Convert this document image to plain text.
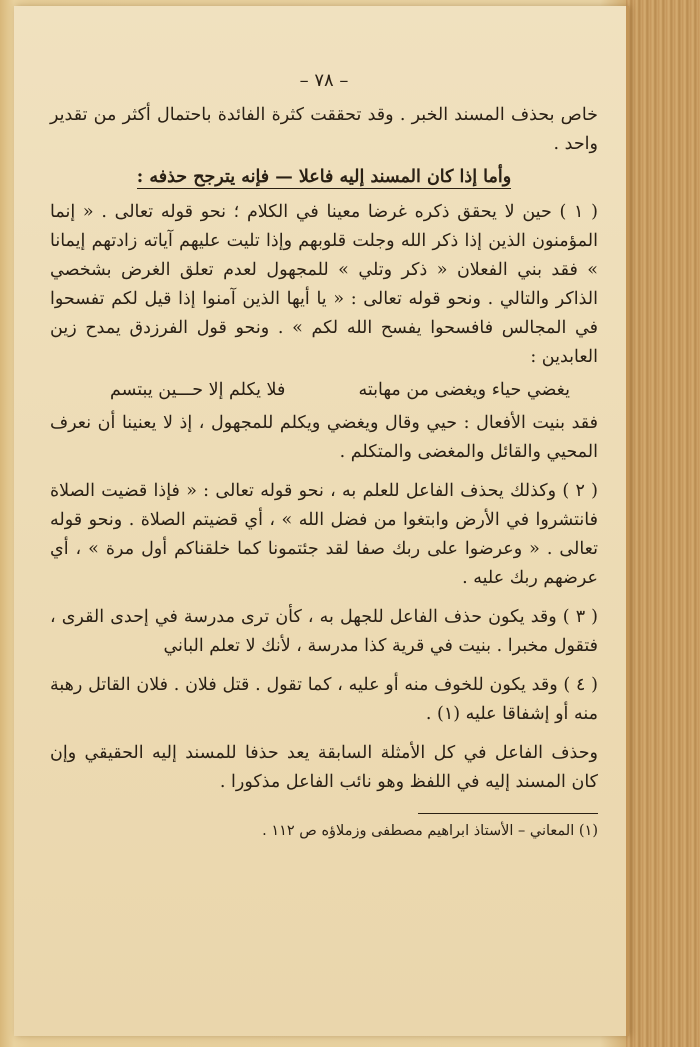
– ٧٨ –

خاص بحذف المسند الخبر . وقد تحققت كثرة الفائدة باحتمال أكثر من تقدير واحد .

وأما إذا كان المسند إليه فاعلا — فإنه يترجح حذفه :

( ١ ) حين لا يحقق ذكره غرضا معينا في الكلام ؛ نحو قوله تعالى . « إنما المؤمنون الذين إذا ذكر الله وجلت قلوبهم وإذا تليت عليهم آياته زادتهم إيمانا » فقد بني الفعلان « ذكر وتلي » للمجهول لعدم تعلق الغرض بشخصي الذاكر والتالي . ونحو قوله تعالى : « يا أيها الذين آمنوا إذا قيل لكم تفسحوا في المجالس فافسحوا يفسح الله لكم » . ونحو قول الفرزدق يمدح زين العابدين :

يغضي حياء ويغضى من مهابته
فلا يكلم إلا حـــين يبتسم

فقد بنيت الأفعال : حيي وقال ويغضي ويكلم للمجهول ، إذ لا يعنينا أن نعرف المحيي والقائل والمغضى والمتكلم .

( ٢ ) وكذلك يحذف الفاعل للعلم به ، نحو قوله تعالى : « فإذا قضيت الصلاة فانتشروا في الأرض وابتغوا من فضل الله » ، أي قضيتم الصلاة . ونحو قوله تعالى . « وعرضوا على ربك صفا لقد جئتمونا كما خلقناكم أول مرة » ، أي عرضهم ربك عليه .

( ٣ ) وقد يكون حذف الفاعل للجهل به ، كأن ترى مدرسة في إحدى القرى ، فتقول مخبرا . بنيت في قرية كذا مدرسة ، لأنك لا تعلم الباني

( ٤ ) وقد يكون للخوف منه أو عليه ، كما تقول . قتل فلان . فلان القاتل رهبة منه أو إشفاقا عليه (١) .

وحذف الفاعل في كل الأمثلة السابقة يعد حذفا للمسند إليه الحقيقي وإن كان المسند إليه في اللفظ وهو نائب الفاعل مذكورا .

(١) المعاني – الأستاذ ابراهيم مصطفى وزملاؤه ص ١١٢ .
